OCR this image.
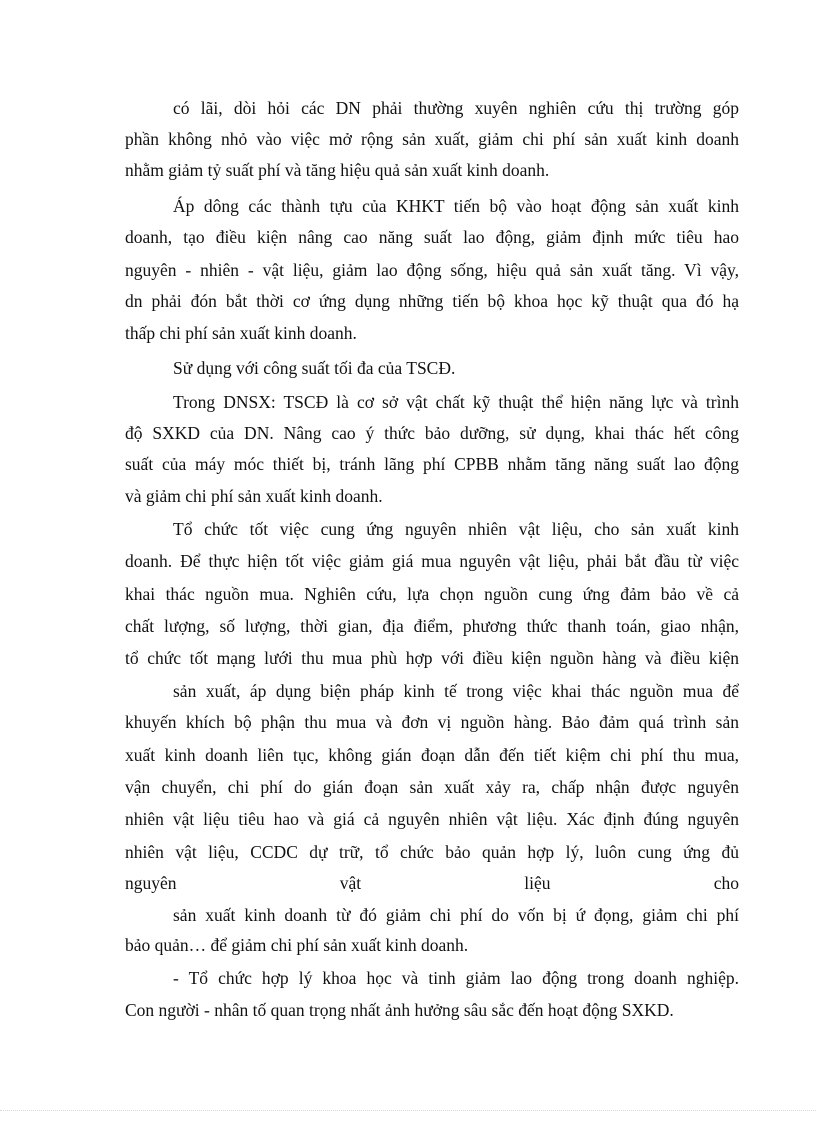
có lãi, dòi hỏi các DN phải thường xuyên nghiên cứu thị trường góp
phần không nhỏ vào việc mở rộng sản xuất, giảm chi phí sản xuất kinh doanh
nhằm giảm tỷ suất phí và tăng hiệu quả sản xuất kinh doanh.
Áp dông các thành tựu của KHKT tiến bộ vào hoạt động sản xuất kinh
doanh, tạo điều kiện nâng cao năng suất lao động, giảm định mức tiêu hao
nguyên - nhiên - vật liệu, giảm lao động sống, hiệu quả sản xuất tăng. Vì vậy,
dn phải đón bắt thời cơ ứng dụng những tiến bộ khoa học kỹ thuật qua đó hạ
thấp chi phí sản xuất kinh doanh.
Sử dụng với công suất tối đa của TSCĐ.
Trong DNSX: TSCĐ là cơ sở vật chất kỹ thuật thể hiện năng lực và trình
độ SXKD của DN. Nâng cao ý thức bảo dưỡng, sử dụng, khai thác hết công
suất của máy móc thiết bị, tránh lãng phí CPBB nhằm tăng năng suất lao động
và giảm chi phí sản xuất kinh doanh.
Tổ chức tốt việc cung ứng nguyên nhiên vật liệu, cho sản xuất kinh
doanh. Để thực hiện tốt việc giảm giá mua nguyên vật liệu, phải bắt đầu từ việc
khai thác nguồn mua. Nghiên cứu, lựa chọn nguồn cung ứng đảm bảo về cả
chất lượng, số lượng, thời gian, địa điểm, phương thức thanh toán, giao nhận,
tổ chức tốt mạng lưới thu mua phù hợp với điều kiện nguồn hàng và điều kiện
sản xuất, áp dụng biện pháp kinh tế trong việc khai thác nguồn mua để
khuyến khích bộ phận thu mua và đơn vị nguồn hàng. Bảo đảm quá trình sản
xuất kinh doanh liên tục, không gián đoạn dẫn đến tiết kiệm chi phí thu mua,
vận chuyển, chi phí do gián đoạn sản xuất xảy ra, chấp nhận được nguyên
nhiên vật liệu tiêu hao và giá cả nguyên nhiên vật liệu. Xác định đúng nguyên
nhiên vật liệu, CCDC dự trữ, tổ chức bảo quản hợp lý, luôn cung ứng đủ
nguyên vật liệu cho
sản xuất kinh doanh từ đó giảm chi phí do vốn bị ứ đọng, giảm chi phí
bảo quản… để giảm chi phí sản xuất kinh doanh.
- Tổ chức hợp lý khoa học và tinh giảm lao động trong doanh nghiệp.
Con người - nhân tố quan trọng nhất ảnh hưởng sâu sắc đến hoạt động SXKD.
